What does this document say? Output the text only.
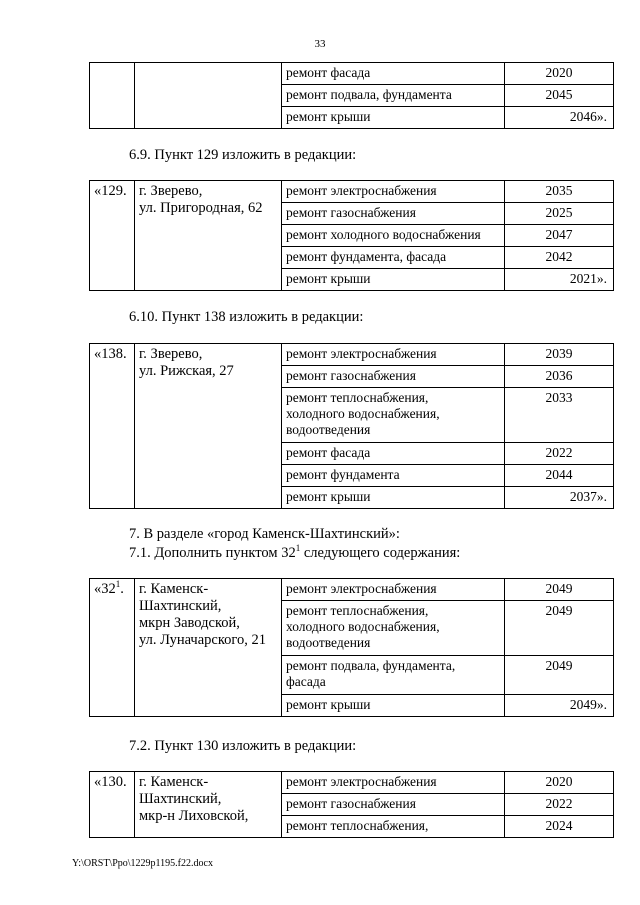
33
		ремонт фасада	2020
		ремонт подвала, фундамента	2045
		ремонт крыши	2046».

6.9. Пункт 129 изложить в редакции:

«129.	г. Зверево,
ул. Пригородная, 62	ремонт электроснабжения	2035
		ремонт газоснабжения	2025
		ремонт холодного водоснабжения	2047
		ремонт фундамента, фасада	2042
		ремонт крыши	2021».

6.10. Пункт 138 изложить в редакции:

«138.	г. Зверево,
ул. Рижская, 27	ремонт электроснабжения	2039
		ремонт газоснабжения	2036

		ремонт теплоснабжения,
холодного водоснабжения,
водоотведения	2033
		ремонт фасада	2022
		ремонт фундамента	2044
		ремонт крыши	2037».

7. В разделе «город Каменск-Шахтинский»:

7.1. Дополнить пунктом $32^1$ следующего содержания:

«$32^1$.	г. Каменск-
Шахтинский,
мкрн Заводской,
ул. Луначарского, 21	ремонт электроснабжения	2049

		ремонт теплоснабжения,
холодного водоснабжения,
водоотведения	2049

		ремонт подвала, фундамента,
фасада	2049
		ремонт крыши	2049».

7.2. Пункт 130 изложить в редакции:

«130.	г. Каменск-
Шахтинский,
мкр-н Лиховской,	ремонт электроснабжения	2020
		ремонт газоснабжения	2022
		ремонт теплоснабжения,	2024
Y:\ORST\Ppo\1229p1195.f22.docx
